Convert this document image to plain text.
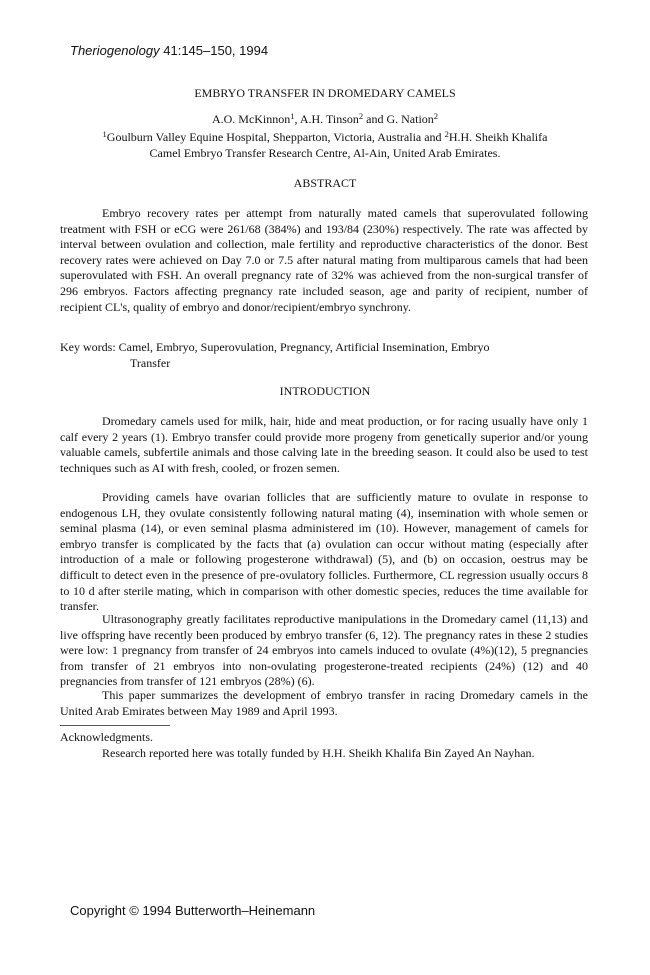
Theriogenology 41:145–150, 1994
EMBRYO TRANSFER IN DROMEDARY CAMELS
A.O. McKinnon$^1$, A.H. Tinson$^2$ and G. Nation$^2$
$^1$Goulburn Valley Equine Hospital, Shepparton, Victoria, Australia and $^2$H.H. Sheikh Khalifa
Camel Embryo Transfer Research Centre, Al-Ain, United Arab Emirates.
ABSTRACT

Embryo recovery rates per attempt from naturally mated camels that superovulated following treatment with FSH or eCG were 261/68 (384%) and 193/84 (230%) respectively. The rate was affected by interval between ovulation and collection, male fertility and reproductive characteristics of the donor. Best recovery rates were achieved on Day 7.0 or 7.5 after natural mating from multiparous camels that had been superovulated with FSH. An overall pregnancy rate of 32% was achieved from the non-surgical transfer of 296 embryos. Factors affecting pregnancy rate included season, age and parity of recipient, number of recipient CL's, quality of embryo and donor/recipient/embryo synchrony.

Key words: Camel, Embryo, Superovulation, Pregnancy, Artificial Insemination, Embryo
Transfer
INTRODUCTION

Dromedary camels used for milk, hair, hide and meat production, or for racing usually have only 1 calf every 2 years (1). Embryo transfer could provide more progeny from genetically superior and/or young valuable camels, subfertile animals and those calving late in the breeding season. It could also be used to test techniques such as AI with fresh, cooled, or frozen semen.

Providing camels have ovarian follicles that are sufficiently mature to ovulate in response to endogenous LH, they ovulate consistently following natural mating (4), insemination with whole semen or seminal plasma (14), or even seminal plasma administered im (10). However, management of camels for embryo transfer is complicated by the facts that (a) ovulation can occur without mating (especially after introduction of a male or following progesterone withdrawal) (5), and (b) on occasion, oestrus may be difficult to detect even in the presence of pre-ovulatory follicles. Furthermore, CL regression usually occurs 8 to 10 d after sterile mating, which in comparison with other domestic species, reduces the time available for transfer.

Ultrasonography greatly facilitates reproductive manipulations in the Dromedary camel (11,13) and live offspring have recently been produced by embryo transfer (6, 12). The pregnancy rates in these 2 studies were low: 1 pregnancy from transfer of 24 embryos into camels induced to ovulate (4%)(12), 5 pregnancies from transfer of 21 embryos into non-ovulating progesterone-treated recipients (24%) (12) and 40 pregnancies from transfer of 121 embryos (28%) (6).

This paper summarizes the development of embryo transfer in racing Dromedary camels in the United Arab Emirates between May 1989 and April 1993.

Acknowledgments.
Research reported here was totally funded by H.H. Sheikh Khalifa Bin Zayed An Nayhan.
Copyright © 1994 Butterworth–Heinemann
